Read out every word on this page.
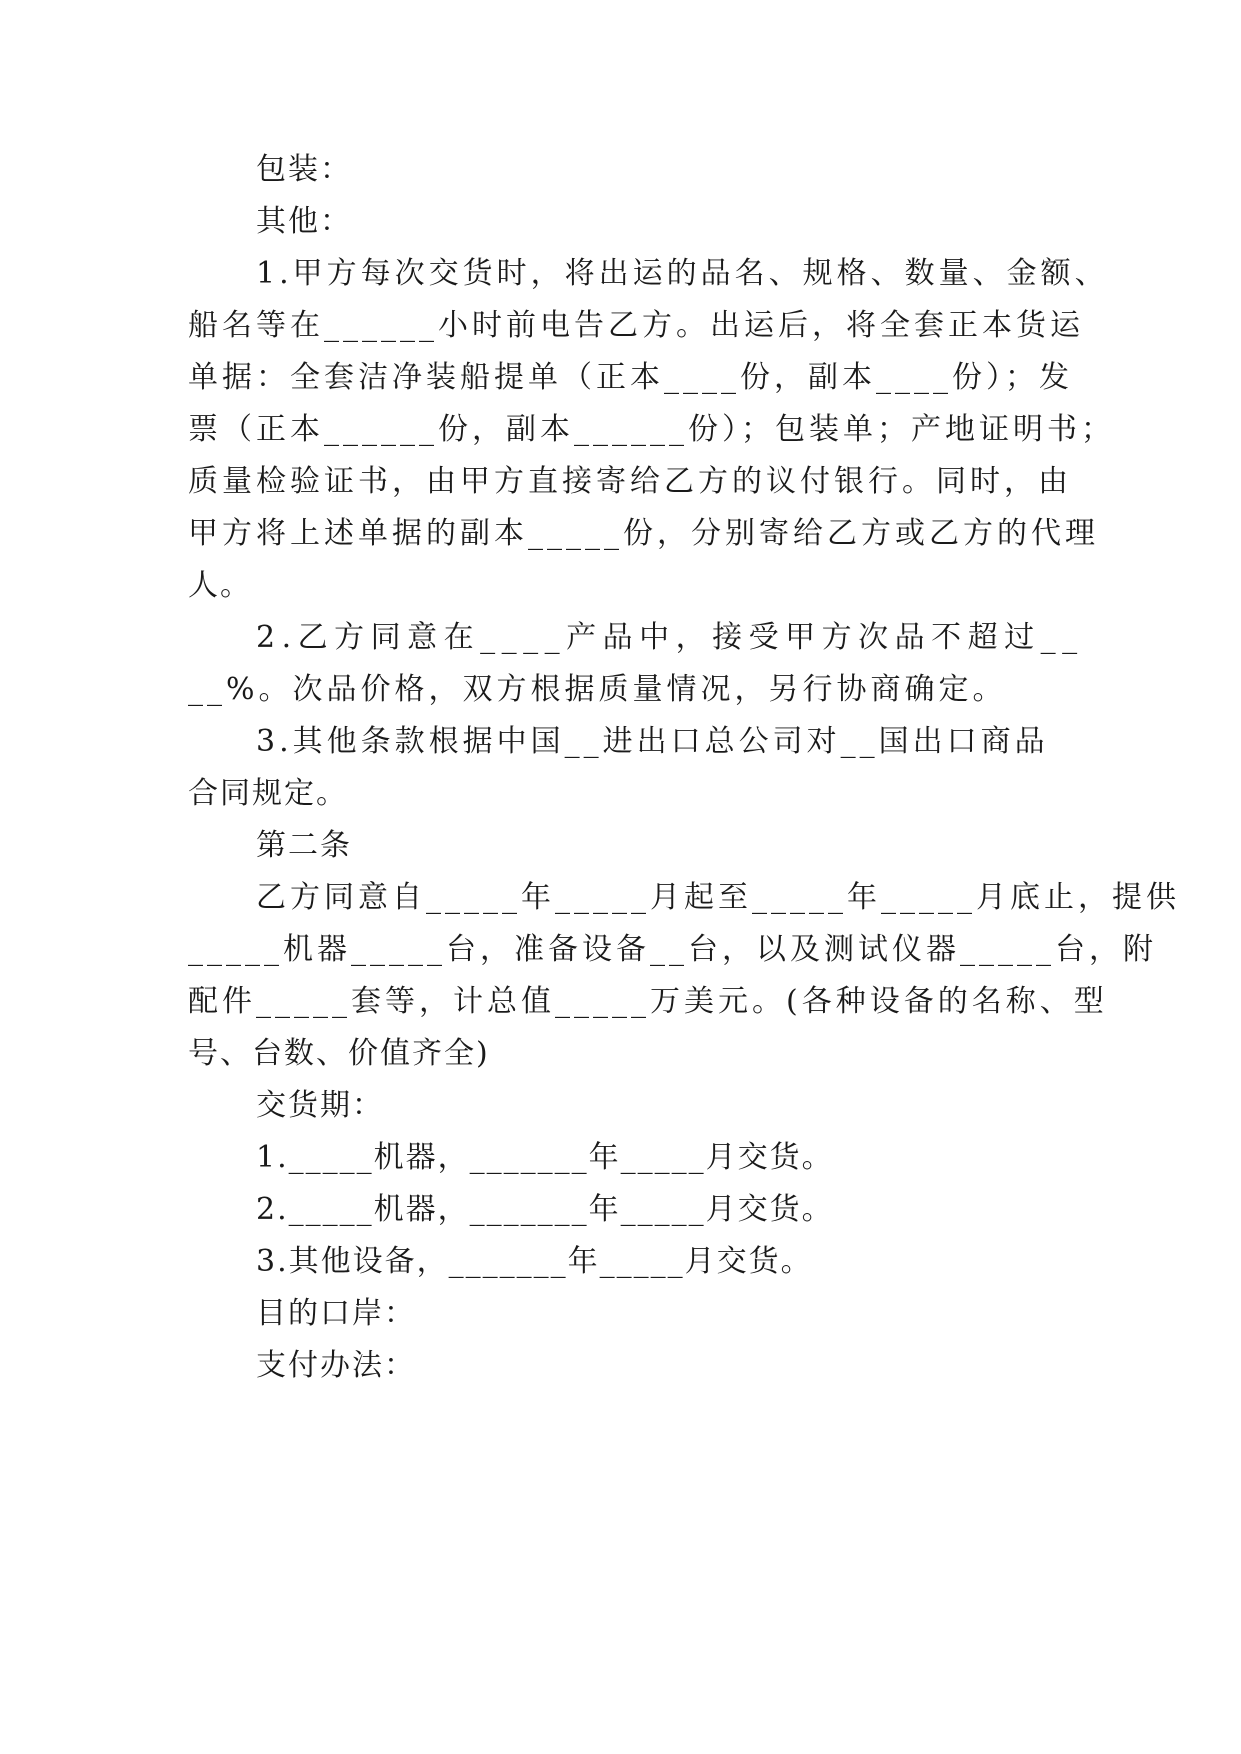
包装：
其他：
1.甲方每次交货时，将出运的品名、规格、数量、金额、
船名等在______小时前电告乙方。出运后，将全套正本货运
单据：全套洁净装船提单（正本____份，副本____份）；发
票（正本______份，副本______份）；包装单；产地证明书；
质量检验证书，由甲方直接寄给乙方的议付银行。同时，由
甲方将上述单据的副本_____份，分别寄给乙方或乙方的代理
人。
2.乙方同意在____产品中，接受甲方次品不超过__
__%。次品价格，双方根据质量情况，另行协商确定。
3.其他条款根据中国__进出口总公司对__国出口商品
合同规定。
第二条
乙方同意自_____年_____月起至_____年_____月底止，提供
_____机器_____台，准备设备__台，以及测试仪器_____台，附
配件_____套等，计总值_____万美元。(各种设备的名称、型
号、台数、价值齐全)
交货期：
1._____机器，_______年_____月交货。
2._____机器，_______年_____月交货。
3.其他设备，_______年_____月交货。
目的口岸：
支付办法：
